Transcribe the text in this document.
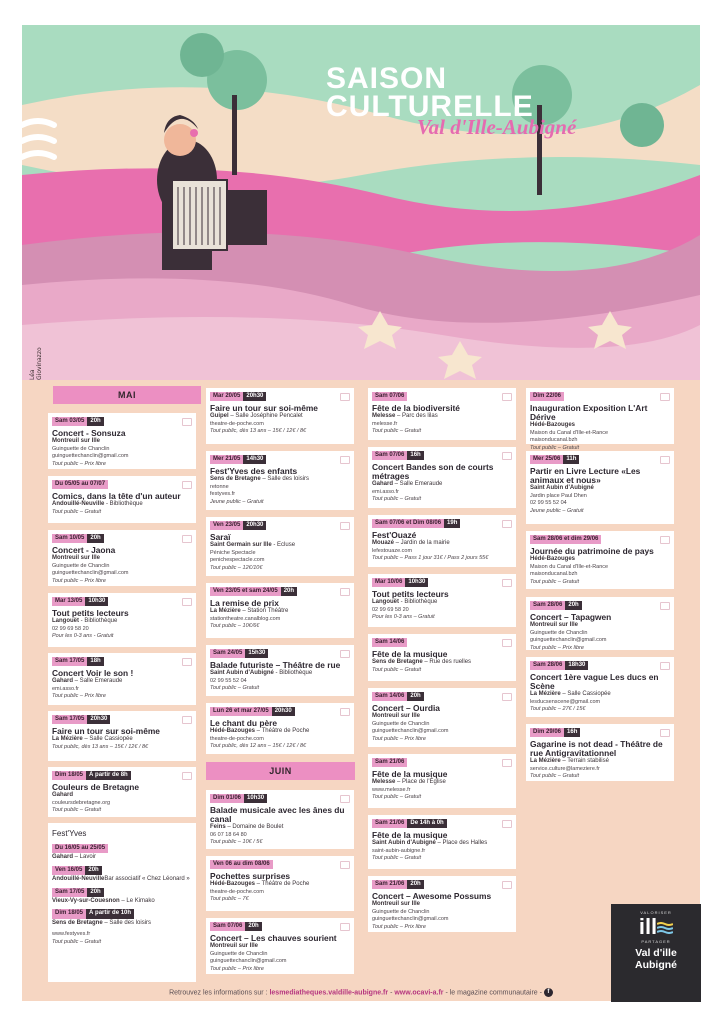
SAISON
CULTURELLE
Val d'Ille-Aubigné
Léa Giovinazzo
MAI
JUIN
Fest'Yves
Du 16/05 au 25/05
Gahard – Lavoir
Ven 16/05	20h
Andouillé-NeuvilleBar associatif « Chez Léonard »
Sam 17/05	20h
Vieux-Vy-sur-Couesnon – Le Kimako
Dim 18/05	À partir de 10h
Sens de Bretagne – Salle des loisirs
www.festyves.fr
Tout public – Gratuit
Sam 03/05	20h
Concert - Sonsuza
Montreuil sur Ille
Guinguette de Chanclin
guinguettechanclin@gmail.com
Tout public – Prix libre
Du 05/05 au 07/07
Comics, dans la tête d'un auteur
Andouillé-Neuville - Bibliothèque
Tout public – Gratuit
Sam 10/05	20h
Concert - Jaona
Montreuil sur Ille
Guinguette de Chanclin
guinguettechanclin@gmail.com
Tout public – Prix libre
Mar 13/05	10h30
Tout petits lecteurs
Langouët - Bibliothèque
02 99 69 58 20
Pour les 0-3 ans - Gratuit
Sam 17/05	18h
Concert Voir le son !
Gahard – Salle Emeraude
emi.asso.fr
Tout public – Prix libre
Sam 17/05	20h30
Faire un tour sur soi-même
La Mézière – Salle Cassiopée
Tout public, dès 13 ans – 15€ / 12€ / 8€
Dim 18/05	À partir de 8h
Couleurs de Bretagne
Gahard
couleursdebretagne.org
Tout public – Gratuit
Mar 20/05	20h30
Faire un tour sur soi-même
Guipel – Salle Joséphine Pencalet
theatre-de-poche.com
Tout public, dès 13 ans – 15€ / 12€ / 8€
Mer 21/05	14h30
Fest'Yves des enfants
Sens de Bretagne – Salle des loisirs
retonne
festyves.fr
Jeune public – Gratuit
Ven 23/05	20h30
Saraï
Saint Germain sur Ille - Ecluse
Péniche Spectacle
penichespectacle.com
Tout public – 12€/10€
Ven 23/05 et sam 24/05	20h
La remise de prix
La Mézière – Station Théâtre
stationtheatre.canalblog.com
Tout public – 10€/6€
Sam 24/05	15h30
Balade futuriste – Théâtre de rue
Saint Aubin d'Aubigné - Bibliothèque
02 99 55 52 04
Tout public – Gratuit
Lun 26 et mar 27/05	20h30
Le chant du père
Hédé-Bazouges – Théâtre de Poche
theatre-de-poche.com
Tout public, dès 12 ans – 15€ / 12€ / 8€
Dim 01/06	10h30
Balade musicale avec les ânes du canal
Feins – Domaine de Boulet
06 07 18 64 80
Tout public – 10€ / 5€
Ven 06 au dim 08/06
Pochettes surprises
Hédé-Bazouges – Théâtre de Poche
theatre-de-poche.com
Tout public – 7€
Sam 07/06	20h
Concert – Les chauves sourient
Montreuil sur Ille
Guinguette de Chanclin
guinguettechanclin@gmail.com
Tout public – Prix libre
Sam 07/06
Fête de la biodiversité
Melesse – Parc des lilas
melesse.fr
Tout public – Gratuit
Sam 07/06	16h
Concert Bandes son de courts métrages
Gahard – Salle Emeraude
emi.asso.fr
Tout public – Gratuit
Sam 07/06 et Dim 08/06	19h
Fest'Ouazé
Mouazé – Jardin de la mairie
lefestouaze.com
Tout public – Pass 1 jour 31€ / Pass 2 jours 55€
Mar 10/06	10h30
Tout petits lecteurs
Langouët - Bibliothèque
02 99 69 58 20
Pour les 0-3 ans – Gratuit
Sam 14/06
Fête de la musique
Sens de Bretagne – Rue des ruelles
Tout public – Gratuit
Sam 14/06	20h
Concert – Ourdia
Montreuil sur Ille
Guinguette de Chanclin
guinguettechanclin@gmail.com
Tout public – Prix libre
Sam 21/06
Fête de la musique
Melesse – Place de l'Église
www.melesse.fr
Tout public – Gratuit
Sam 21/06	De 14h à 0h
Fête de la musique
Saint Aubin d'Aubigné – Place des Halles
saint-aubin-aubigne.fr
Tout public – Gratuit
Sam 21/06	20h
Concert – Awesome Possums
Montreuil sur Ille
Guinguette de Chanclin
guinguettechanclin@gmail.com
Tout public – Prix libre
Dim 22/06
Inauguration Exposition L'Art Dérive
Hédé-Bazouges
Maison du Canal d'Ille-et-Rance
maisonducanal.bzh
Tout public – Gratuit
Mer 25/06	11h
Partir en Livre Lecture «Les animaux et nous»
Saint Aubin d'Aubigné
Jardin place Paul Dhen
02 99 55 52 04
Jeune public – Gratuit
Sam 28/06 et dim 29/06
Journée du patrimoine de pays
Hédé-Bazouges
Maison du Canal d'Ille-et-Rance
maisonducanal.bzh
Tout public – Gratuit
Sam 28/06	20h
Concert – Tapagwen
Montreuil sur Ille
Guinguette de Chanclin
guinguettechanclin@gmail.com
Tout public – Prix libre
Sam 28/06	18h30
Concert 1ère vague Les ducs en Scène
La Mézière – Salle Cassiopée
lesducsenscene@gmail.com
Tout public – 27€ / 15€
Dim 29/06	16h
Gagarine is not dead - Théâtre de rue Antigravitationnel
La Mézière – Terrain stabilisé
service.culture@lameziere.fr
Tout public – Gratuit
Retrouvez les informations sur : lesmediatheques.valdille-aubigne.fr - www.ocavi-a.fr - le magazine communautaire - f
VALORISER
ill
PARTAGER
Val d'ille
Aubigné
